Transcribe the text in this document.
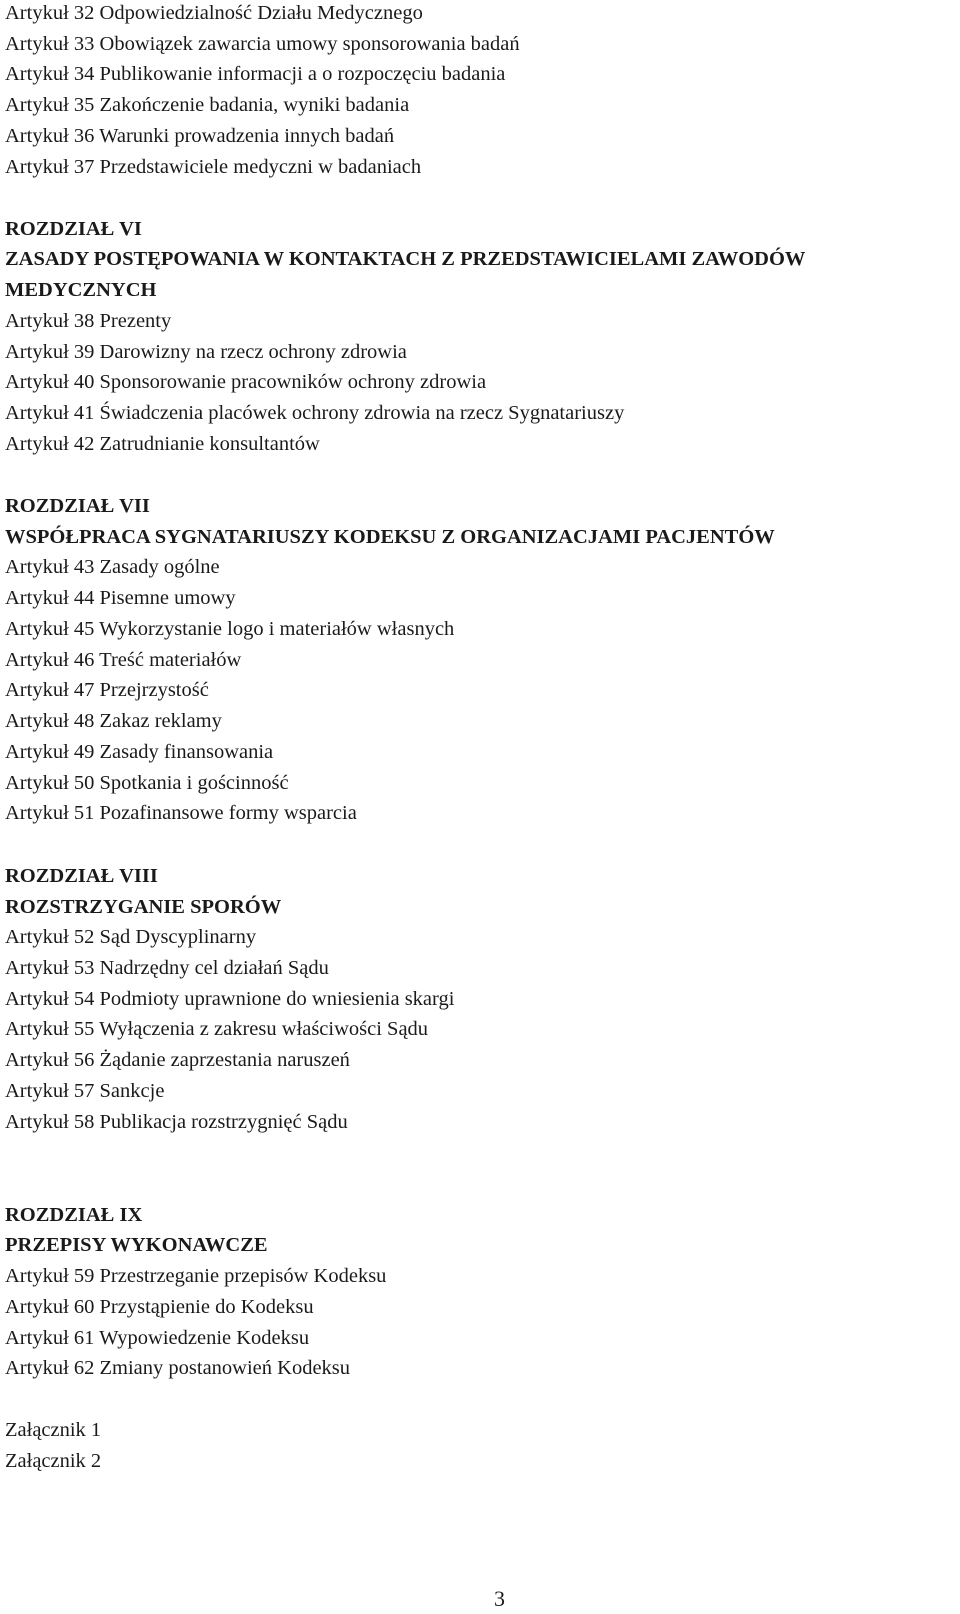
Artykuł 32 Odpowiedzialność Działu Medycznego
Artykuł 33 Obowiązek zawarcia umowy sponsorowania badań
Artykuł 34 Publikowanie informacji a o rozpoczęciu badania
Artykuł 35 Zakończenie badania, wyniki badania
Artykuł 36 Warunki prowadzenia innych badań
Artykuł 37 Przedstawiciele medyczni w badaniach
ROZDZIAŁ VI
ZASADY POSTĘPOWANIA W KONTAKTACH Z PRZEDSTAWICIELAMI ZAWODÓW
MEDYCZNYCH
Artykuł 38 Prezenty
Artykuł 39 Darowizny na rzecz ochrony zdrowia
Artykuł 40 Sponsorowanie pracowników ochrony zdrowia
Artykuł 41 Świadczenia placówek ochrony zdrowia na rzecz Sygnatariuszy
Artykuł 42 Zatrudnianie konsultantów
ROZDZIAŁ VII
WSPÓŁPRACA SYGNATARIUSZY KODEKSU Z ORGANIZACJAMI PACJENTÓW
Artykuł 43 Zasady ogólne
Artykuł 44 Pisemne umowy
Artykuł 45 Wykorzystanie logo i materiałów własnych
Artykuł 46 Treść materiałów
Artykuł 47 Przejrzystość
Artykuł 48 Zakaz reklamy
Artykuł 49 Zasady finansowania
Artykuł 50 Spotkania i gościnność
Artykuł 51 Pozafinansowe formy wsparcia
ROZDZIAŁ VIII
ROZSTRZYGANIE SPORÓW
Artykuł 52 Sąd Dyscyplinarny
Artykuł 53 Nadrzędny cel działań Sądu
Artykuł 54 Podmioty uprawnione do wniesienia skargi
Artykuł 55 Wyłączenia z zakresu właściwości Sądu
Artykuł 56 Żądanie zaprzestania naruszeń
Artykuł 57 Sankcje
Artykuł 58 Publikacja rozstrzygnięć Sądu
ROZDZIAŁ IX
PRZEPISY WYKONAWCZE
Artykuł 59 Przestrzeganie przepisów Kodeksu
Artykuł 60 Przystąpienie do Kodeksu
Artykuł 61 Wypowiedzenie Kodeksu
Artykuł 62 Zmiany postanowień Kodeksu
Załącznik 1
Załącznik 2
3
